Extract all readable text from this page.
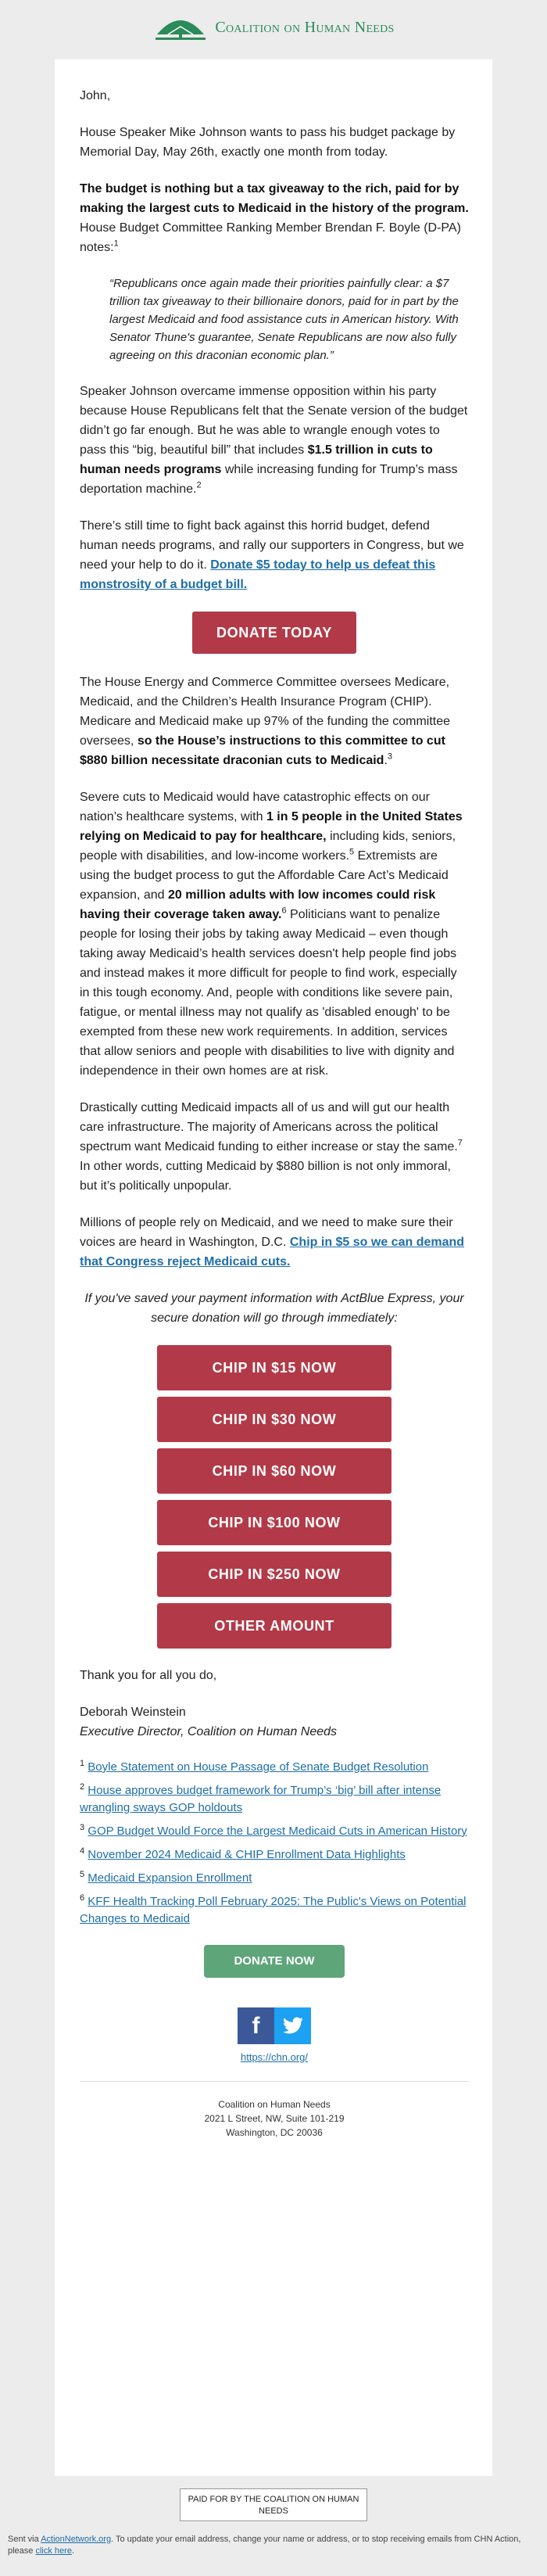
Coalition on Human Needs

John,

House Speaker Mike Johnson wants to pass his budget package by Memorial Day, May 26th, exactly one month from today.

The budget is nothing but a tax giveaway to the rich, paid for by making the largest cuts to Medicaid in the history of the program. House Budget Committee Ranking Member Brendan F. Boyle (D-PA) notes:$^1$

“Republicans once again made their priorities painfully clear: a $7 trillion tax giveaway to their billionaire donors, paid for in part by the largest Medicaid and food assistance cuts in American history. With Senator Thune's guarantee, Senate Republicans are now also fully agreeing on this draconian economic plan.”

Speaker Johnson overcame immense opposition within his party because House Republicans felt that the Senate version of the budget didn’t go far enough. But he was able to wrangle enough votes to pass this “big, beautiful bill” that includes $1.5 trillion in cuts to human needs programs while increasing funding for Trump’s mass deportation machine.$^2$

There’s still time to fight back against this horrid budget, defend human needs programs, and rally our supporters in Congress, but we need your help to do it. Donate $5 today to help us defeat this monstrosity of a budget bill.

DONATE TODAY

The House Energy and Commerce Committee oversees Medicare, Medicaid, and the Children’s Health Insurance Program (CHIP). Medicare and Medicaid make up 97% of the funding the committee oversees, so the House’s instructions to this committee to cut $880 billion necessitate draconian cuts to Medicaid.$^3$

Severe cuts to Medicaid would have catastrophic effects on our nation’s healthcare systems, with 1 in 5 people in the United States relying on Medicaid to pay for healthcare, including kids, seniors, people with disabilities, and low-income workers.$^5$ Extremists are using the budget process to gut the Affordable Care Act’s Medicaid expansion, and 20 million adults with low incomes could risk having their coverage taken away.$^6$ Politicians want to penalize people for losing their jobs by taking away Medicaid – even though taking away Medicaid’s health services doesn't help people find jobs and instead makes it more difficult for people to find work, especially in this tough economy. And, people with conditions like severe pain, fatigue, or mental illness may not qualify as 'disabled enough' to be exempted from these new work requirements. In addition, services that allow seniors and people with disabilities to live with dignity and independence in their own homes are at risk.

Drastically cutting Medicaid impacts all of us and will gut our health care infrastructure. The majority of Americans across the political spectrum want Medicaid funding to either increase or stay the same.$^7$ In other words, cutting Medicaid by $880 billion is not only immoral, but it’s politically unpopular.

Millions of people rely on Medicaid, and we need to make sure their voices are heard in Washington, D.C. Chip in $5 so we can demand that Congress reject Medicaid cuts.

If you've saved your payment information with ActBlue Express, your secure donation will go through immediately:

CHIP IN $15 NOW
CHIP IN $30 NOW
CHIP IN $60 NOW
CHIP IN $100 NOW
CHIP IN $250 NOW
OTHER AMOUNT

Thank you for all you do,

Deborah Weinstein
Executive Director, Coalition on Human Needs

$^1$ Boyle Statement on House Passage of Senate Budget Resolution

$^2$ House approves budget framework for Trump’s ‘big’ bill after intense wrangling sways GOP holdouts

$^3$ GOP Budget Would Force the Largest Medicaid Cuts in American History

$^4$ November 2024 Medicaid & CHIP Enrollment Data Highlights

$^5$ Medicaid Expansion Enrollment

$^6$ KFF Health Tracking Poll February 2025: The Public's Views on Potential Changes to Medicaid

DONATE NOW
f
https://chn.org/
Coalition on Human Needs
2021 L Street, NW, Suite 101-219
Washington, DC 20036
PAID FOR BY THE COALITION ON HUMAN NEEDS
Sent via ActionNetwork.org. To update your email address, change your name or address, or to stop receiving emails from CHN Action, please click here.
